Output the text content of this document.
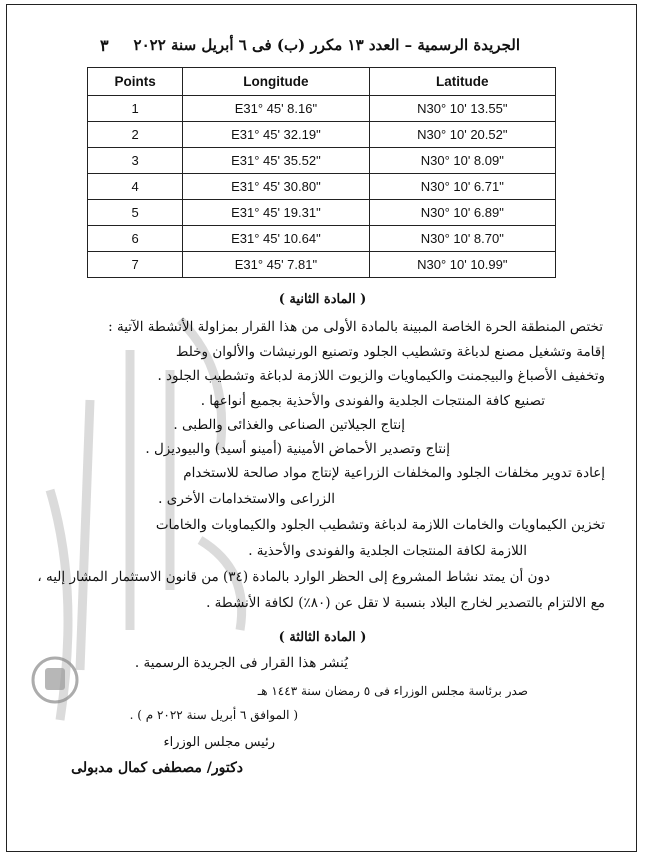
٣ الجريدة الرسمية – العدد ١٣ مكرر (ب) فى ٦ أبريل سنة ٢٠٢٢
Points	Longitude	Latitude
1	E31° 45' 8.16"	N30° 10' 13.55"
2	E31° 45' 32.19"	N30° 10' 20.52"
3	E31° 45' 35.52"	N30° 10' 8.09"
4	E31° 45' 30.80"	N30° 10' 6.71"
5	E31° 45' 19.31"	N30° 10' 6.89"
6	E31° 45' 10.64"	N30° 10' 8.70"
7	E31° 45' 7.81"	N30° 10' 10.99"
( المادة الثانية )
تختص المنطقة الحرة الخاصة المبينة بالمادة الأولى من هذا القرار بمزاولة الأنشطة الآتية :
إقامة وتشغيل مصنع لدباغة وتشطيب الجلود وتصنيع الورنيشات والألوان وخلط
وتخفيف الأصباغ والبيجمنت والكيماويات والزيوت اللازمة لدباغة وتشطيب الجلود .
تصنيع كافة المنتجات الجلدية والفوندى والأحذية بجميع أنواعها .
إنتاج الجيلاتين الصناعى والغذائى والطبى .
إنتاج وتصدير الأحماض الأمينية (أمينو أسيد) والبيوديزل .
إعادة تدوير مخلفات الجلود والمخلفات الزراعية لإنتاج مواد صالحة للاستخدام
الزراعى والاستخدامات الأخرى .
تخزين الكيماويات والخامات اللازمة لدباغة وتشطيب الجلود والكيماويات والخامات
اللازمة لكافة المنتجات الجلدية والفوندى والأحذية .
دون أن يمتد نشاط المشروع إلى الحظر الوارد بالمادة (٣٤) من قانون الاستثمار المشار إليه ،
مع الالتزام بالتصدير لخارج البلاد بنسبة لا تقل عن (٨٠٪) لكافة الأنشطة .
( المادة الثالثة )
يُنشر هذا القرار فى الجريدة الرسمية .
صدر برئاسة مجلس الوزراء فى ٥ رمضان سنة ١٤٤٣ هـ
( الموافق ٦ أبريل سنة ٢٠٢٢ م ) .
رئيس مجلس الوزراء
دكتور/ مصطفى كمال مدبولى
